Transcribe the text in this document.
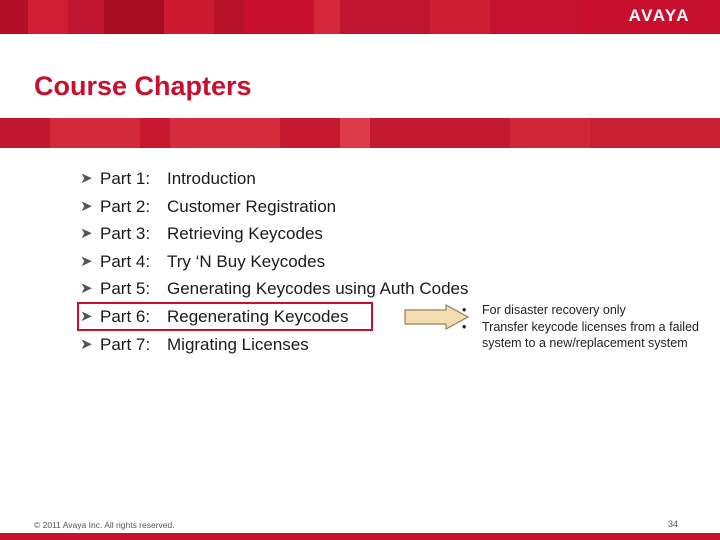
AVAYA
Course Chapters
➤ Part 1: Introduction
➤ Part 2: Customer Registration
➤ Part 3: Retrieving Keycodes
➤ Part 4: Try ‘N Buy Keycodes
➤ Part 5: Generating Keycodes using Auth Codes
➤ Part 6: Regenerating Keycodes
➤ Part 7: Migrating Licenses
• For disaster recovery only
• Transfer keycode licenses from a failed system to a new/replacement system
© 2011 Avaya Inc. All rights reserved.	34
